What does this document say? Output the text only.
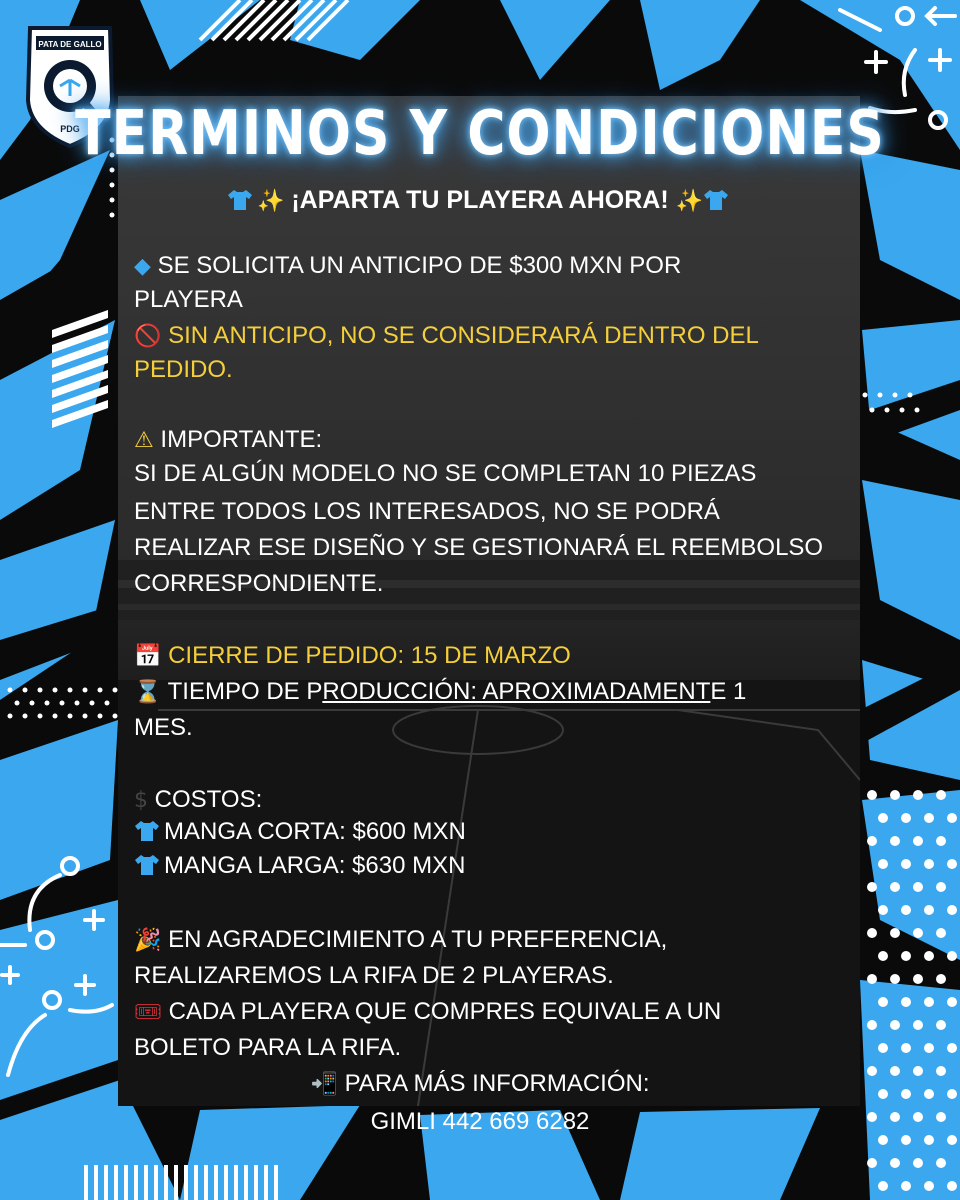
PATA DE GALLO
PDG
TERMINOS Y CONDICIONES
✨ ¡APARTA TU PLAYERA AHORA! ✨
◆ SE SOLICITA UN ANTICIPO DE $300 MXN POR
PLAYERA
🚫 SIN ANTICIPO, NO SE CONSIDERARÁ DENTRO DEL
PEDIDO.
⚠ IMPORTANTE:
SI DE ALGÚN MODELO NO SE COMPLETAN 10 PIEZAS
ENTRE TODOS LOS INTERESADOS, NO SE PODRÁ
REALIZAR ESE DISEÑO Y SE GESTIONARÁ EL REEMBOLSO
CORRESPONDIENTE.
📅 CIERRE DE PEDIDO: 15 DE MARZO
⌛ TIEMPO DE PRODUCCIÓN: APROXIMADAMENTE 1
MES.
$ COSTOS:
MANGA CORTA: $600 MXN
MANGA LARGA: $630 MXN
🎉 EN AGRADECIMIENTO A TU PREFERENCIA,
REALIZAREMOS LA RIFA DE 2 PLAYERAS.
🎟 CADA PLAYERA QUE COMPRES EQUIVALE A UN
BOLETO PARA LA RIFA.
📲 PARA MÁS INFORMACIÓN:
GIMLI 442 669 6282
